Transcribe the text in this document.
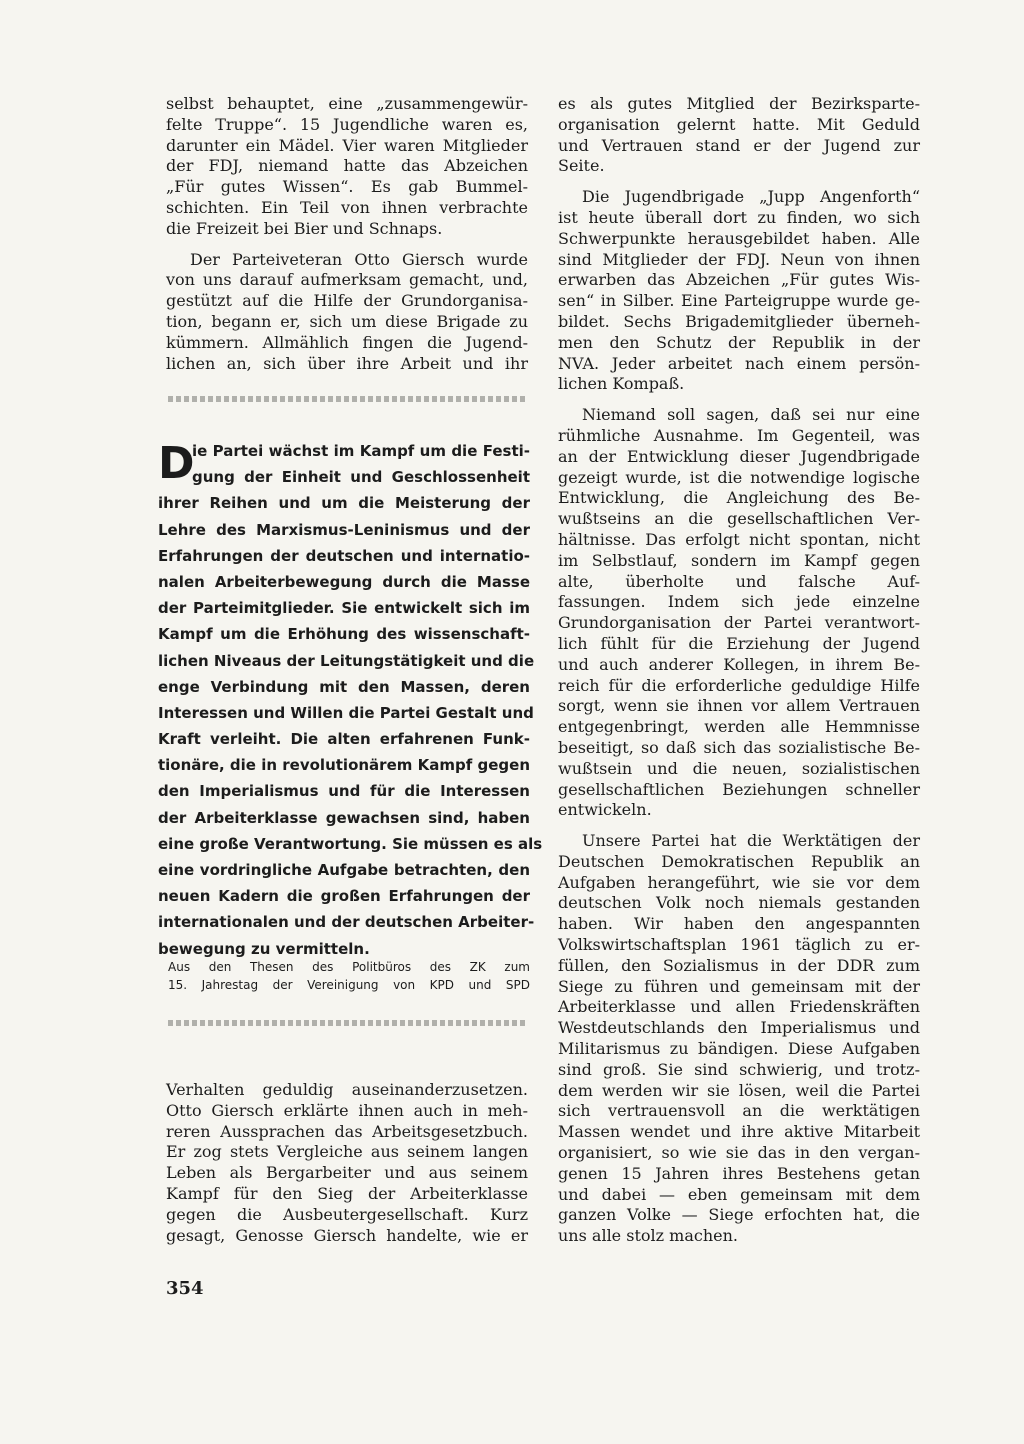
selbst behauptet, eine „zusammengewür-
felte Truppe“. 15 Jugendliche waren es,
darunter ein Mädel. Vier waren Mitglieder
der FDJ, niemand hatte das Abzeichen
„Für gutes Wissen“. Es gab Bummel-
schichten. Ein Teil von ihnen verbrachte
die Freizeit bei Bier und Schnaps.

Der Parteiveteran Otto Giersch wurde
von uns darauf aufmerksam gemacht, und,
gestützt auf die Hilfe der Grundorganisa-
tion, begann er, sich um diese Brigade zu
kümmern. Allmählich fingen die Jugend-
lichen an, sich über ihre Arbeit und ihr

D
ie Partei wächst im Kampf um die Festi-
gung der Einheit und Geschlossenheit
ihrer Reihen und um die Meisterung der
Lehre des Marxismus-Leninismus und der
Erfahrungen der deutschen und internatio-
nalen Arbeiterbewegung durch die Masse
der Parteimitglieder. Sie entwickelt sich im
Kampf um die Erhöhung des wissenschaft-
lichen Niveaus der Leitungstätigkeit und die
enge Verbindung mit den Massen, deren
Interessen und Willen die Partei Gestalt und
Kraft verleiht. Die alten erfahrenen Funk-
tionäre, die in revolutionärem Kampf gegen
den Imperialismus und für die Interessen
der Arbeiterklasse gewachsen sind, haben
eine große Verantwortung. Sie müssen es als
eine vordringliche Aufgabe betrachten, den
neuen Kadern die großen Erfahrungen der
internationalen und der deutschen Arbeiter-
bewegung zu vermitteln.
Aus den Thesen des Politbüros des ZK zum
15. Jahrestag der Vereinigung von KPD und SPD

Verhalten geduldig auseinanderzusetzen.
Otto Giersch erklärte ihnen auch in meh-
reren Aussprachen das Arbeitsgesetzbuch.
Er zog stets Vergleiche aus seinem langen
Leben als Bergarbeiter und aus seinem
Kampf für den Sieg der Arbeiterklasse
gegen die Ausbeutergesellschaft. Kurz
gesagt, Genosse Giersch handelte, wie er

es als gutes Mitglied der Bezirksparte-
organisation gelernt hatte. Mit Geduld
und Vertrauen stand er der Jugend zur
Seite.

Die Jugendbrigade „Jupp Angenforth“
ist heute überall dort zu finden, wo sich
Schwerpunkte herausgebildet haben. Alle
sind Mitglieder der FDJ. Neun von ihnen
erwarben das Abzeichen „Für gutes Wis-
sen“ in Silber. Eine Parteigruppe wurde ge-
bildet. Sechs Brigademitglieder überneh-
men den Schutz der Republik in der
NVA. Jeder arbeitet nach einem persön-
lichen Kompaß.

Niemand soll sagen, daß sei nur eine
rühmliche Ausnahme. Im Gegenteil, was
an der Entwicklung dieser Jugendbrigade
gezeigt wurde, ist die notwendige logische
Entwicklung, die Angleichung des Be-
wußtseins an die gesellschaftlichen Ver-
hältnisse. Das erfolgt nicht spontan, nicht
im Selbstlauf, sondern im Kampf gegen
alte, überholte und falsche Auf-
fassungen. Indem sich jede einzelne
Grundorganisation der Partei verantwort-
lich fühlt für die Erziehung der Jugend
und auch anderer Kollegen, in ihrem Be-
reich für die erforderliche geduldige Hilfe
sorgt, wenn sie ihnen vor allem Vertrauen
entgegenbringt, werden alle Hemmnisse
beseitigt, so daß sich das sozialistische Be-
wußtsein und die neuen, sozialistischen
gesellschaftlichen Beziehungen schneller
entwickeln.

Unsere Partei hat die Werktätigen der
Deutschen Demokratischen Republik an
Aufgaben herangeführt, wie sie vor dem
deutschen Volk noch niemals gestanden
haben. Wir haben den angespannten
Volkswirtschaftsplan 1961 täglich zu er-
füllen, den Sozialismus in der DDR zum
Siege zu führen und gemeinsam mit der
Arbeiterklasse und allen Friedenskräften
Westdeutschlands den Imperialismus und
Militarismus zu bändigen. Diese Aufgaben
sind groß. Sie sind schwierig, und trotz-
dem werden wir sie lösen, weil die Partei
sich vertrauensvoll an die werktätigen
Massen wendet und ihre aktive Mitarbeit
organisiert, so wie sie das in den vergan-
genen 15 Jahren ihres Bestehens getan
und dabei — eben gemeinsam mit dem
ganzen Volke — Siege erfochten hat, die
uns alle stolz machen.

354
